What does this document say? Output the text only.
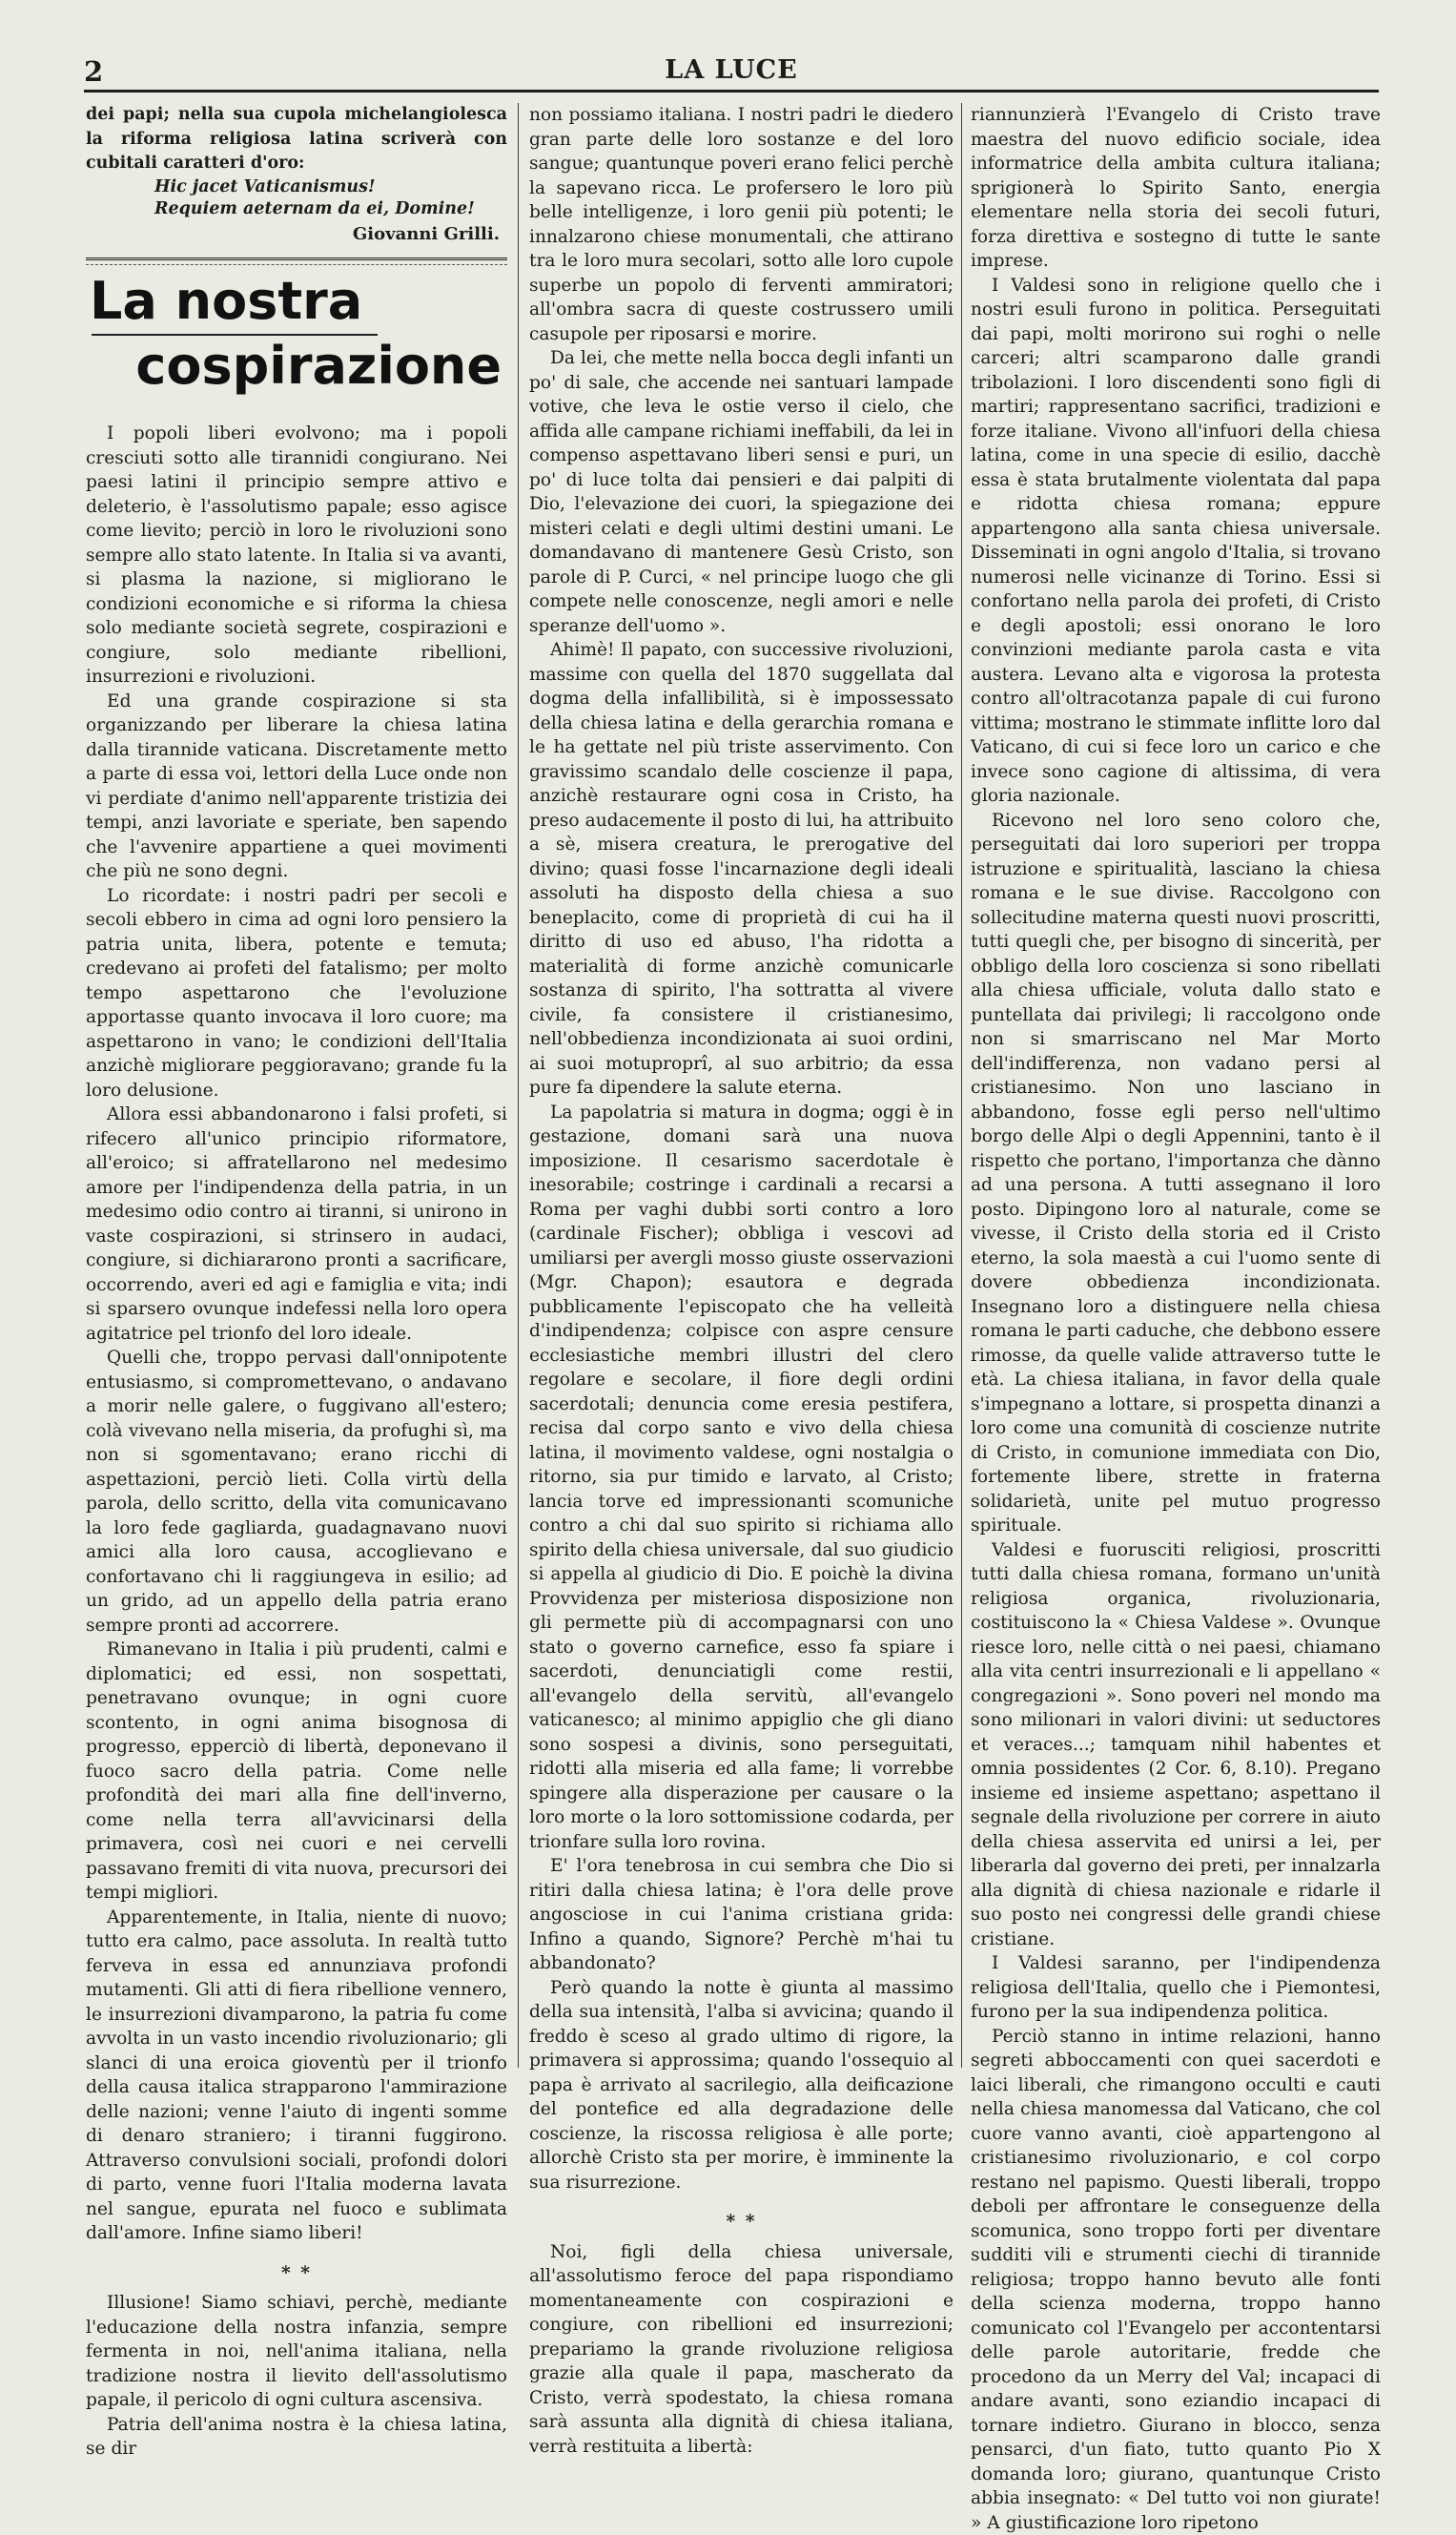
2	LA LUCE

dei papi; nella sua cupola michelangiolesca la riforma religiosa latina scriverà con cubitali caratteri d'oro:

Hic jacet Vaticanismus!

Requiem aeternam da ei, Domine!

Giovanni Grilli.

La nostra
cospirazione

I popoli liberi evolvono; ma i popoli cresciuti sotto alle tirannidi congiurano. Nei paesi latini il principio sempre attivo e deleterio, è l'assolutismo papale; esso agisce come lievito; perciò in loro le rivoluzioni sono sempre allo stato latente. In Italia si va avanti, si plasma la nazione, si migliorano le condizioni economiche e si riforma la chiesa solo mediante società segrete, cospirazioni e congiure, solo mediante ribellioni, insurrezioni e rivoluzioni.

Ed una grande cospirazione si sta organizzando per liberare la chiesa latina dalla tirannide vaticana. Discretamente metto a parte di essa voi, lettori della Luce onde non vi perdiate d'animo nell'apparente tristizia dei tempi, anzi lavoriate e speriate, ben sapendo che l'avvenire appartiene a quei movimenti che più ne sono degni.

Lo ricordate: i nostri padri per secoli e secoli ebbero in cima ad ogni loro pensiero la patria unita, libera, potente e temuta; credevano ai profeti del fatalismo; per molto tempo aspettarono che l'evoluzione apportasse quanto invocava il loro cuore; ma aspettarono in vano; le condizioni dell'Italia anzichè migliorare peggioravano; grande fu la loro delusione.

Allora essi abbandonarono i falsi profeti, si rifecero all'unico principio riformatore, all'eroico; si affratellarono nel medesimo amore per l'indipendenza della patria, in un medesimo odio contro ai tiranni, si unirono in vaste cospirazioni, si strinsero in audaci, congiure, si dichiararono pronti a sacrificare, occorrendo, averi ed agi e famiglia e vita; indi si sparsero ovunque indefessi nella loro opera agitatrice pel trionfo del loro ideale.

Quelli che, troppo pervasi dall'onnipotente entusiasmo, si compromettevano, o andavano a morir nelle galere, o fuggivano all'estero; colà vivevano nella miseria, da profughi sì, ma non si sgomentavano; erano ricchi di aspettazioni, perciò lieti. Colla virtù della parola, dello scritto, della vita comunicavano la loro fede gagliarda, guadagnavano nuovi amici alla loro causa, accoglievano e confortavano chi li raggiungeva in esilio; ad un grido, ad un appello della patria erano sempre pronti ad accorrere.

Rimanevano in Italia i più prudenti, calmi e diplomatici; ed essi, non sospettati, penetravano ovunque; in ogni cuore scontento, in ogni anima bisognosa di progresso, epperciò di libertà, deponevano il fuoco sacro della patria. Come nelle profondità dei mari alla fine dell'inverno, come nella terra all'avvicinarsi della primavera, così nei cuori e nei cervelli passavano fremiti di vita nuova, precursori dei tempi migliori.

Apparentemente, in Italia, niente di nuovo; tutto era calmo, pace assoluta. In realtà tutto ferveva in essa ed annunziava profondi mutamenti. Gli atti di fiera ribellione vennero, le insurrezioni divamparono, la patria fu come avvolta in un vasto incendio rivoluzionario; gli slanci di una eroica gioventù per il trionfo della causa italica strapparono l'ammirazione delle nazioni; venne l'aiuto di ingenti somme di denaro straniero; i tiranni fuggirono. Attraverso convulsioni sociali, profondi dolori di parto, venne fuori l'Italia moderna lavata nel sangue, epurata nel fuoco e sublimata dall'amore. Infine siamo liberi!

* *

Illusione! Siamo schiavi, perchè, mediante l'educazione della nostra infanzia, sempre fermenta in noi, nell'anima italiana, nella tradizione nostra il lievito dell'assolutismo papale, il pericolo di ogni cultura ascensiva.

Patria dell'anima nostra è la chiesa latina, se dir

non possiamo italiana. I nostri padri le diedero gran parte delle loro sostanze e del loro sangue; quantunque poveri erano felici perchè la sapevano ricca. Le profersero le loro più belle intelligenze, i loro genii più potenti; le innalzarono chiese monumentali, che attirano tra le loro mura secolari, sotto alle loro cupole superbe un popolo di ferventi ammiratori; all'ombra sacra di queste costrussero umili casupole per riposarsi e morire.

Da lei, che mette nella bocca degli infanti un po' di sale, che accende nei santuari lampade votive, che leva le ostie verso il cielo, che affida alle campane richiami ineffabili, da lei in compenso aspettavano liberi sensi e puri, un po' di luce tolta dai pensieri e dai palpiti di Dio, l'elevazione dei cuori, la spiegazione dei misteri celati e degli ultimi destini umani. Le domandavano di mantenere Gesù Cristo, son parole di P. Curci, « nel principe luogo che gli compete nelle conoscenze, negli amori e nelle speranze dell'uomo ».

Ahimè! Il papato, con successive rivoluzioni, massime con quella del 1870 suggellata dal dogma della infallibilità, si è impossessato della chiesa latina e della gerarchia romana e le ha gettate nel più triste asservimento. Con gravissimo scandalo delle coscienze il papa, anzichè restaurare ogni cosa in Cristo, ha preso audacemente il posto di lui, ha attribuito a sè, misera creatura, le prerogative del divino; quasi fosse l'incarnazione degli ideali assoluti ha disposto della chiesa a suo beneplacito, come di proprietà di cui ha il diritto di uso ed abuso, l'ha ridotta a materialità di forme anzichè comunicarle sostanza di spirito, l'ha sottratta al vivere civile, fa consistere il cristianesimo, nell'obbedienza incondizionata ai suoi ordini, ai suoi motuproprî, al suo arbitrio; da essa pure fa dipendere la salute eterna.

La papolatria si matura in dogma; oggi è in gestazione, domani sarà una nuova imposizione. Il cesarismo sacerdotale è inesorabile; costringe i cardinali a recarsi a Roma per vaghi dubbi sorti contro a loro (cardinale Fischer); obbliga i vescovi ad umiliarsi per avergli mosso giuste osservazioni (Mgr. Chapon); esautora e degrada pubblicamente l'episcopato che ha velleità d'indipendenza; colpisce con aspre censure ecclesiastiche membri illustri del clero regolare e secolare, il fiore degli ordini sacerdotali; denuncia come eresia pestifera, recisa dal corpo santo e vivo della chiesa latina, il movimento valdese, ogni nostalgia o ritorno, sia pur timido e larvato, al Cristo; lancia torve ed impressionanti scomuniche contro a chi dal suo spirito si richiama allo spirito della chiesa universale, dal suo giudicio si appella al giudicio di Dio. E poichè la divina Provvidenza per misteriosa disposizione non gli permette più di accompagnarsi con uno stato o governo carnefice, esso fa spiare i sacerdoti, denunciatigli come restii, all'evangelo della servitù, all'evangelo vaticanesco; al minimo appiglio che gli diano sono sospesi a divinis, sono perseguitati, ridotti alla miseria ed alla fame; li vorrebbe spingere alla disperazione per causare o la loro morte o la loro sottomissione codarda, per trionfare sulla loro rovina.

E' l'ora tenebrosa in cui sembra che Dio si ritiri dalla chiesa latina; è l'ora delle prove angosciose in cui l'anima cristiana grida: Infino a quando, Signore? Perchè m'hai tu abbandonato?

Però quando la notte è giunta al massimo della sua intensità, l'alba si avvicina; quando il freddo è sceso al grado ultimo di rigore, la primavera si approssima; quando l'ossequio al papa è arrivato al sacrilegio, alla deificazione del pontefice ed alla degradazione delle coscienze, la riscossa religiosa è alle porte; allorchè Cristo sta per morire, è imminente la sua risurrezione.

* *

Noi, figli della chiesa universale, all'assolutismo feroce del papa rispondiamo momentaneamente con cospirazioni e congiure, con ribellioni ed insurrezioni; prepariamo la grande rivoluzione religiosa grazie alla quale il papa, mascherato da Cristo, verrà spodestato, la chiesa romana sarà assunta alla dignità di chiesa italiana, verrà restituita a libertà:

riannunzierà l'Evangelo di Cristo trave maestra del nuovo edificio sociale, idea informatrice della ambita cultura italiana; sprigionerà lo Spirito Santo, energia elementare nella storia dei secoli futuri, forza direttiva e sostegno di tutte le sante imprese.

I Valdesi sono in religione quello che i nostri esuli furono in politica. Perseguitati dai papi, molti morirono sui roghi o nelle carceri; altri scamparono dalle grandi tribolazioni. I loro discendenti sono figli di martiri; rappresentano sacrifici, tradizioni e forze italiane. Vivono all'infuori della chiesa latina, come in una specie di esilio, dacchè essa è stata brutalmente violentata dal papa e ridotta chiesa romana; eppure appartengono alla santa chiesa universale. Disseminati in ogni angolo d'Italia, si trovano numerosi nelle vicinanze di Torino. Essi si confortano nella parola dei profeti, di Cristo e degli apostoli; essi onorano le loro convinzioni mediante parola casta e vita austera. Levano alta e vigorosa la protesta contro all'oltracotanza papale di cui furono vittima; mostrano le stimmate inflitte loro dal Vaticano, di cui si fece loro un carico e che invece sono cagione di altissima, di vera gloria nazionale.

Ricevono nel loro seno coloro che, perseguitati dai loro superiori per troppa istruzione e spiritualità, lasciano la chiesa romana e le sue divise. Raccolgono con sollecitudine materna questi nuovi proscritti, tutti quegli che, per bisogno di sincerità, per obbligo della loro coscienza si sono ribellati alla chiesa ufficiale, voluta dallo stato e puntellata dai privilegi; li raccolgono onde non si smarriscano nel Mar Morto dell'indifferenza, non vadano persi al cristianesimo. Non uno lasciano in abbandono, fosse egli perso nell'ultimo borgo delle Alpi o degli Appennini, tanto è il rispetto che portano, l'importanza che dànno ad una persona. A tutti assegnano il loro posto. Dipingono loro al naturale, come se vivesse, il Cristo della storia ed il Cristo eterno, la sola maestà a cui l'uomo sente di dovere obbedienza incondizionata. Insegnano loro a distinguere nella chiesa romana le parti caduche, che debbono essere rimosse, da quelle valide attraverso tutte le età. La chiesa italiana, in favor della quale s'impegnano a lottare, si prospetta dinanzi a loro come una comunità di coscienze nutrite di Cristo, in comunione immediata con Dio, fortemente libere, strette in fraterna solidarietà, unite pel mutuo progresso spirituale.

Valdesi e fuorusciti religiosi, proscritti tutti dalla chiesa romana, formano un'unità religiosa organica, rivoluzionaria, costituiscono la « Chiesa Valdese ». Ovunque riesce loro, nelle città o nei paesi, chiamano alla vita centri insurrezionali e li appellano « congregazioni ». Sono poveri nel mondo ma sono milionari in valori divini: ut seductores et veraces...; tamquam nihil habentes et omnia possidentes (2 Cor. 6, 8.10). Pregano insieme ed insieme aspettano; aspettano il segnale della rivoluzione per correre in aiuto della chiesa asservita ed unirsi a lei, per liberarla dal governo dei preti, per innalzarla alla dignità di chiesa nazionale e ridarle il suo posto nei congressi delle grandi chiese cristiane.

I Valdesi saranno, per l'indipendenza religiosa dell'Italia, quello che i Piemontesi, furono per la sua indipendenza politica.

Perciò stanno in intime relazioni, hanno segreti abboccamenti con quei sacerdoti e laici liberali, che rimangono occulti e cauti nella chiesa manomessa dal Vaticano, che col cuore vanno avanti, cioè appartengono al cristianesimo rivoluzionario, e col corpo restano nel papismo. Questi liberali, troppo deboli per affrontare le conseguenze della scomunica, sono troppo forti per diventare sudditi vili e strumenti ciechi di tirannide religiosa; troppo hanno bevuto alle fonti della scienza moderna, troppo hanno comunicato col l'Evangelo per accontentarsi delle parole autoritarie, fredde che procedono da un Merry del Val; incapaci di andare avanti, sono eziandio incapaci di tornare indietro. Giurano in blocco, senza pensarci, d'un fiato, tutto quanto Pio X domanda loro; giurano, quantunque Cristo abbia insegnato: « Del tutto voi non giurate! » A giustificazione loro ripetono
